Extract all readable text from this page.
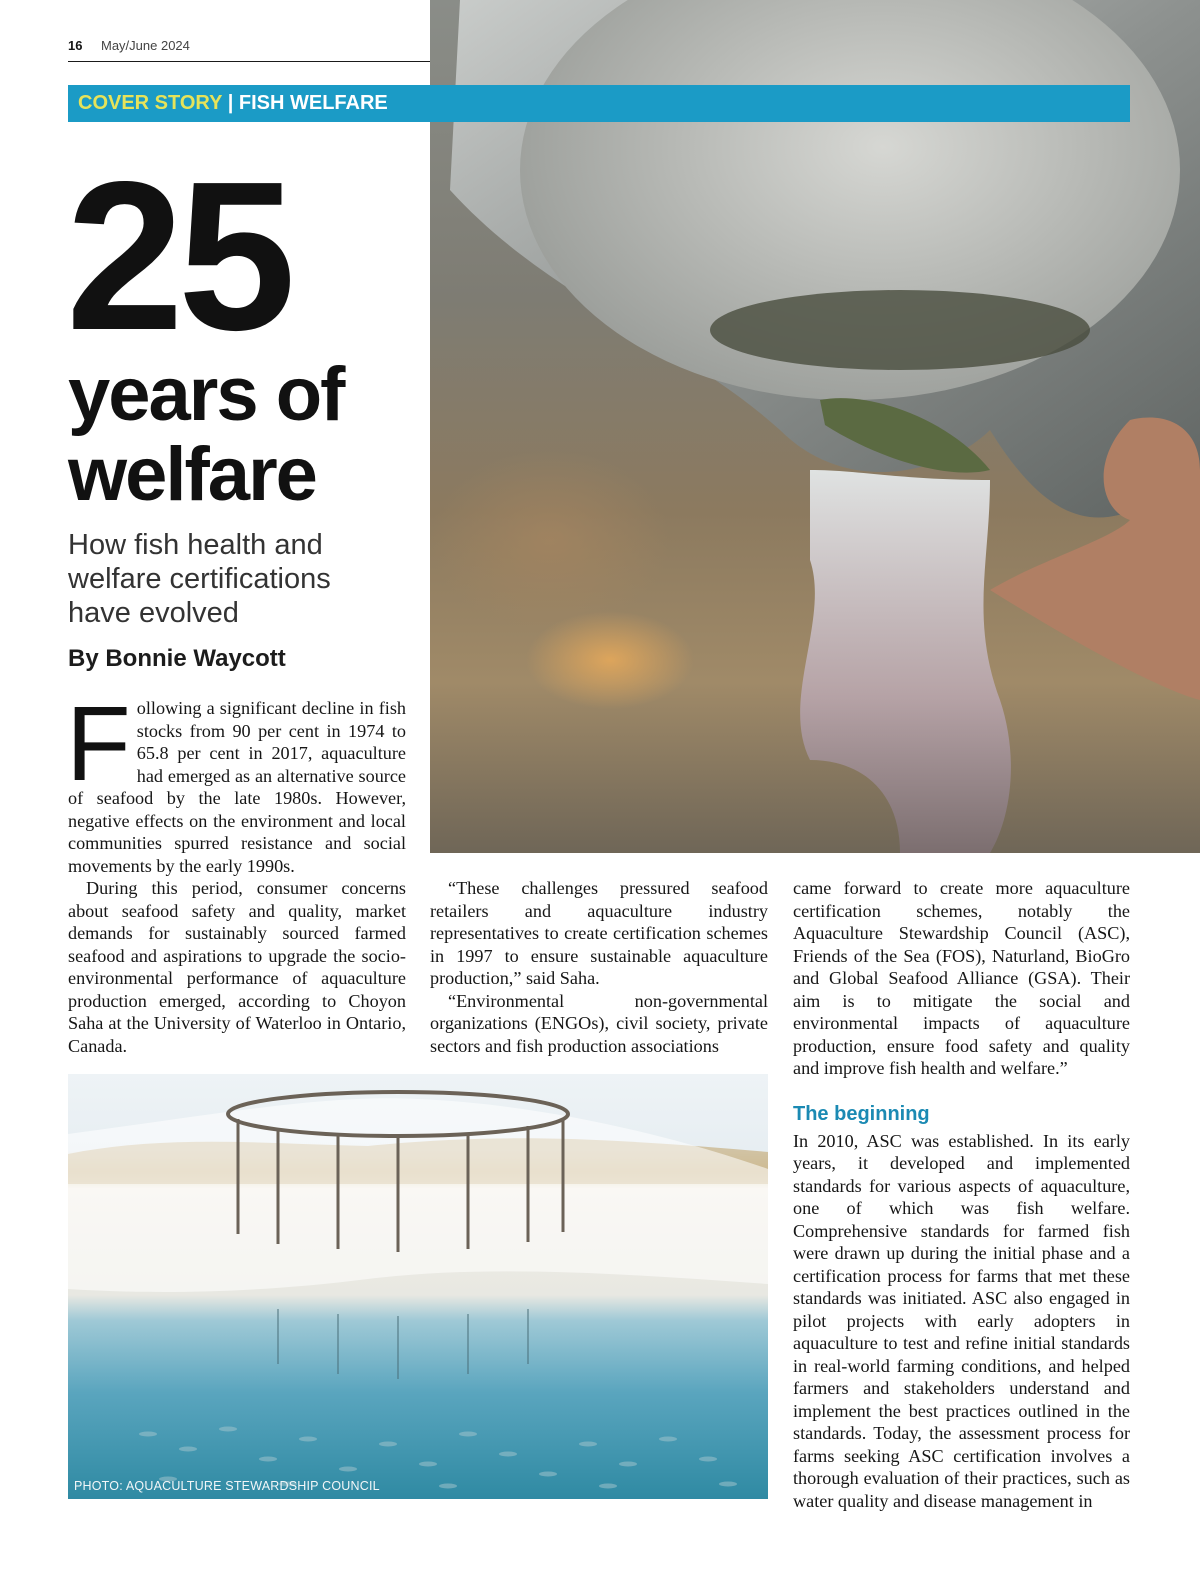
16 May/June 2024
COVER STORY | FISH WELFARE
25
years of
welfare
How fish health and welfare certifications have evolved
By Bonnie Waycott

Following a significant decline in fish stocks from 90 per cent in 1974 to 65.8 per cent in 2017, aquaculture had emerged as an alternative source of seafood by the late 1980s. However, negative effects on the environment and local communities spurred resistance and social movements by the early 1990s.

During this period, consumer concerns about seafood safety and quality, market demands for sustainably sourced farmed seafood and aspirations to upgrade the socio-environmental performance of aquaculture production emerged, according to Choyon Saha at the University of Waterloo in Ontario, Canada.

“These challenges pressured seafood retailers and aquaculture industry representatives to create certification schemes in 1997 to ensure sustainable aquaculture production,” said Saha.

“Environmental non-governmental organizations (ENGOs), civil society, private sectors and fish production associations

came forward to create more aquaculture certification schemes, notably the Aquaculture Stewardship Council (ASC), Friends of the Sea (FOS), Naturland, BioGro and Global Seafood Alliance (GSA). Their aim is to mitigate the social and environmental impacts of aquaculture production, ensure food safety and quality and improve fish health and welfare.”

The beginning

In 2010, ASC was established. In its early years, it developed and implemented standards for various aspects of aquaculture, one of which was fish welfare. Comprehensive standards for farmed fish were drawn up during the initial phase and a certification process for farms that met these standards was initiated. ASC also engaged in pilot projects with early adopters in aquaculture to test and refine initial standards in real-world farming conditions, and helped farmers and stakeholders understand and implement the best practices outlined in the standards. Today, the assessment process for farms seeking ASC certification involves a thorough evaluation of their practices, such as water quality and disease management in

PHOTO: AQUACULTURE STEWARDSHIP COUNCIL
